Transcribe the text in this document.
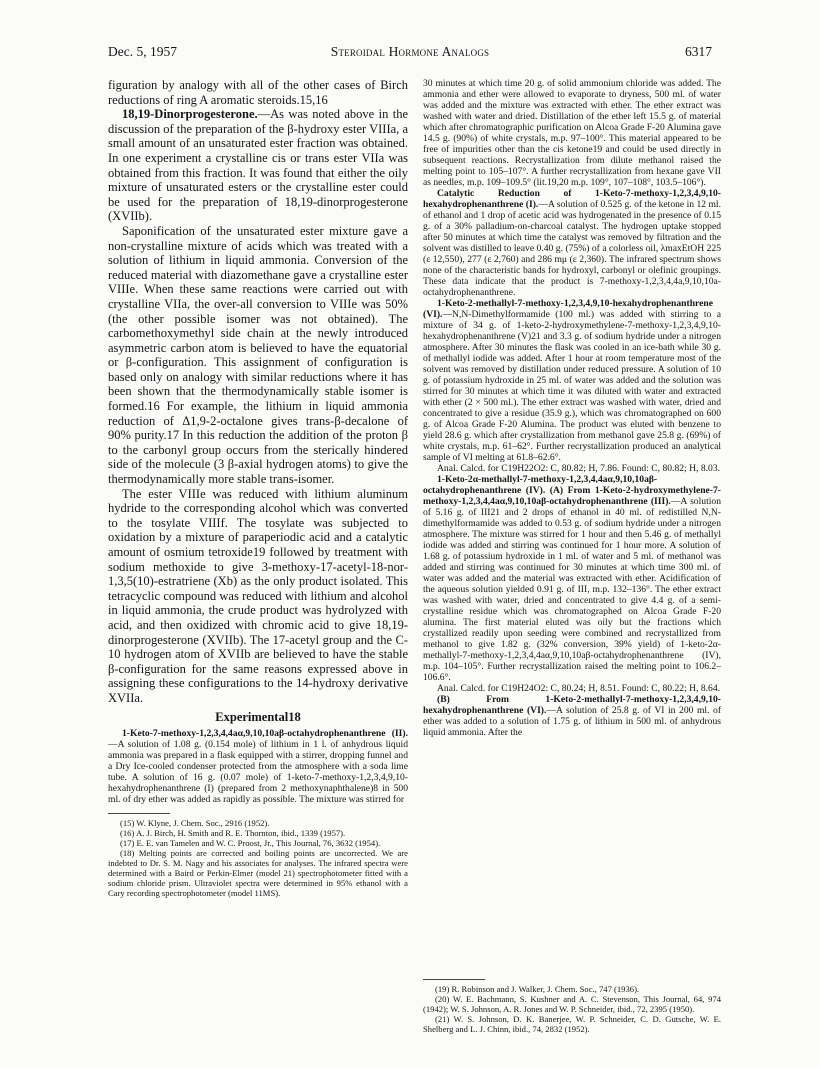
Dec. 5, 1957	Steroidal Hormone Analogs	6317

figuration by analogy with all of the other cases of Birch reductions of ring A aromatic steroids.15,16

18,19-Dinorprogesterone.—As was noted above in the discussion of the preparation of the β-hydroxy ester VIIIa, a small amount of an unsaturated ester fraction was obtained. In one experiment a crystalline cis or trans ester VIIa was obtained from this fraction. It was found that either the oily mixture of unsaturated esters or the crystalline ester could be used for the preparation of 18,19-dinorprogesterone (XVIIb).

Saponification of the unsaturated ester mixture gave a non-crystalline mixture of acids which was treated with a solution of lithium in liquid ammonia. Conversion of the reduced material with diazomethane gave a crystalline ester VIIIe. When these same reactions were carried out with crystalline VIIa, the over-all conversion to VIIIe was 50% (the other possible isomer was not obtained). The carbomethoxymethyl side chain at the newly introduced asymmetric carbon atom is believed to have the equatorial or β-configuration. This assignment of configuration is based only on analogy with similar reductions where it has been shown that the thermodynamically stable isomer is formed.16 For example, the lithium in liquid ammonia reduction of Δ1,9-2-octalone gives trans-β-decalone of 90% purity.17 In this reduction the addition of the proton β to the carbonyl group occurs from the sterically hindered side of the molecule (3 β-axial hydrogen atoms) to give the thermodynamically more stable trans-isomer.

The ester VIIIe was reduced with lithium aluminum hydride to the corresponding alcohol which was converted to the tosylate VIIIf. The tosylate was subjected to oxidation by a mixture of paraperiodic acid and a catalytic amount of osmium tetroxide19 followed by treatment with sodium methoxide to give 3-methoxy-17-acetyl-18-nor-1,3,5(10)-estratriene (Xb) as the only product isolated. This tetracyclic compound was reduced with lithium and alcohol in liquid ammonia, the crude product was hydrolyzed with acid, and then oxidized with chromic acid to give 18,19-dinorprogesterone (XVIIb). The 17-acetyl group and the C-10 hydrogen atom of XVIIb are believed to have the stable β-configuration for the same reasons expressed above in assigning these configurations to the 14-hydroxy derivative XVIIa.

Experimental18

1-Keto-7-methoxy-1,2,3,4,4aα,9,10,10aβ-octahydrophenanthrene (II).—A solution of 1.08 g. (0.154 mole) of lithium in 1 l. of anhydrous liquid ammonia was prepared in a flask equipped with a stirrer, dropping funnel and a Dry Ice-cooled condenser protected from the atmosphere with a soda lime tube. A solution of 16 g. (0.07 mole) of 1-keto-7-methoxy-1,2,3,4,9,10-hexahydrophenanthrene (I) (prepared from 2 methoxynaphthalene)8 in 500 ml. of dry ether was added as rapidly as possible. The mixture was stirred for

(15) W. Klyne, J. Chem. Soc., 2916 (1952).

(16) A. J. Birch, H. Smith and R. E. Thornton, ibid., 1339 (1957).

(17) E. E. van Tamelen and W. C. Proost, Jr., This Journal, 76, 3632 (1954).

(18) Melting points are corrected and boiling points are uncorrected. We are indebted to Dr. S. M. Nagy and his associates for analyses. The infrared spectra were determined with a Baird or Perkin-Elmer (model 21) spectrophotometer fitted with a sodium chloride prism. Ultraviolet spectra were determined in 95% ethanol with a Cary recording spectrophotometer (model 11MS).

30 minutes at which time 20 g. of solid ammonium chloride was added. The ammonia and ether were allowed to evaporate to dryness, 500 ml. of water was added and the mixture was extracted with ether. The ether extract was washed with water and dried. Distillation of the ether left 15.5 g. of material which after chromatographic purification on Alcoa Grade F-20 Alumina gave 14.5 g. (90%) of white crystals, m.p. 97–100°. This material appeared to be free of impurities other than the cis ketone19 and could be used directly in subsequent reactions. Recrystallization from dilute methanol raised the melting point to 105–107°. A further recrystallization from hexane gave VII as needles, m.p. 109–109.5° (lit.19,20 m.p. 109°, 107–108°, 103.5–106°).

Catalytic Reduction of 1-Keto-7-methoxy-1,2,3,4,9,10-hexahydrophenanthrene (I).—A solution of 0.525 g. of the ketone in 12 ml. of ethanol and 1 drop of acetic acid was hydrogenated in the presence of 0.15 g. of a 30% palladium-on-charcoal catalyst. The hydrogen uptake stopped after 50 minutes at which time the catalyst was removed by filtration and the solvent was distilled to leave 0.40 g. (75%) of a colorless oil, λmaxEtOH 225 (ε 12,550), 277 (ε 2,760) and 286 mμ (ε 2,360). The infrared spectrum shows none of the characteristic bands for hydroxyl, carbonyl or olefinic groupings. These data indicate that the product is 7-methoxy-1,2,3,4,4a,9,10,10a-octahydrophenanthrene.

1-Keto-2-methallyl-7-methoxy-1,2,3,4,9,10-hexahydrophenanthrene (VI).—N,N-Dimethylformamide (100 ml.) was added with stirring to a mixture of 34 g. of 1-keto-2-hydroxymethylene-7-methoxy-1,2,3,4,9,10-hexahydrophenanthrene (V)21 and 3.3 g. of sodium hydride under a nitrogen atmosphere. After 30 minutes the flask was cooled in an ice-bath while 30 g. of methallyl iodide was added. After 1 hour at room temperature most of the solvent was removed by distillation under reduced pressure. A solution of 10 g. of potassium hydroxide in 25 ml. of water was added and the solution was stirred for 30 minutes at which time it was diluted with water and extracted with ether (2 × 500 ml.). The ether extract was washed with water, dried and concentrated to give a residue (35.9 g.), which was chromatographed on 600 g. of Alcoa Grade F-20 Alumina. The product was eluted with benzene to yield 28.6 g. which after crystallization from methanol gave 25.8 g. (69%) of white crystals, m.p. 61–62°. Further recrystallization produced an analytical sample of VI melting at 61.8–62.6°.

Anal. Calcd. for C19H22O2: C, 80.82; H, 7.86. Found: C, 80.82; H, 8.03.

1-Keto-2α-methallyl-7-methoxy-1,2,3,4,4aα,9,10,10aβ-octahydrophenanthrene (IV). (A) From 1-Keto-2-hydroxymethylene-7-methoxy-1,2,3,4,4aα,9,10,10aβ-octahydrophenanthrene (III).—A solution of 5.16 g. of III21 and 2 drops of ethanol in 40 ml. of redistilled N,N-dimethylformamide was added to 0.53 g. of sodium hydride under a nitrogen atmosphere. The mixture was stirred for 1 hour and then 5.46 g. of methallyl iodide was added and stirring was continued for 1 hour more. A solution of 1.68 g. of potassium hydroxide in 1 ml. of water and 5 ml. of methanol was added and stirring was continued for 30 minutes at which time 300 ml. of water was added and the material was extracted with ether. Acidification of the aqueous solution yielded 0.91 g. of III, m.p. 132–136°. The ether extract was washed with water, dried and concentrated to give 4.4 g. of a semi-crystalline residue which was chromatographed on Alcoa Grade F-20 alumina. The first material eluted was oily but the fractions which crystallized readily upon seeding were combined and recrystallized from methanol to give 1.82 g. (32% conversion, 39% yield) of 1-keto-2α-methallyl-7-methoxy-1,2,3,4,4aα,9,10,10aβ-octahydrophenanthrene (IV), m.p. 104–105°. Further recrystallization raised the melting point to 106.2–106.6°.

Anal. Calcd. for C19H24O2: C, 80.24; H, 8.51. Found: C, 80.22; H, 8.64.

(B) From 1-Keto-2-methallyl-7-methoxy-1,2,3,4,9,10-hexahydrophenanthrene (VI).—A solution of 25.8 g. of VI in 200 ml. of ether was added to a solution of 1.75 g. of lithium in 500 ml. of anhydrous liquid ammonia. After the

(19) R. Robinson and J. Walker, J. Chem. Soc., 747 (1936).

(20) W. E. Bachmann, S. Kushner and A. C. Stevenson, This Journal, 64, 974 (1942); W. S. Johnson, A. R. Jones and W. P. Schneider, ibid., 72, 2395 (1950).

(21) W. S. Johnson, D. K. Banerjee, W. P. Schneider, C. D. Gutsche, W. E. Shelberg and L. J. Chinn, ibid., 74, 2832 (1952).
